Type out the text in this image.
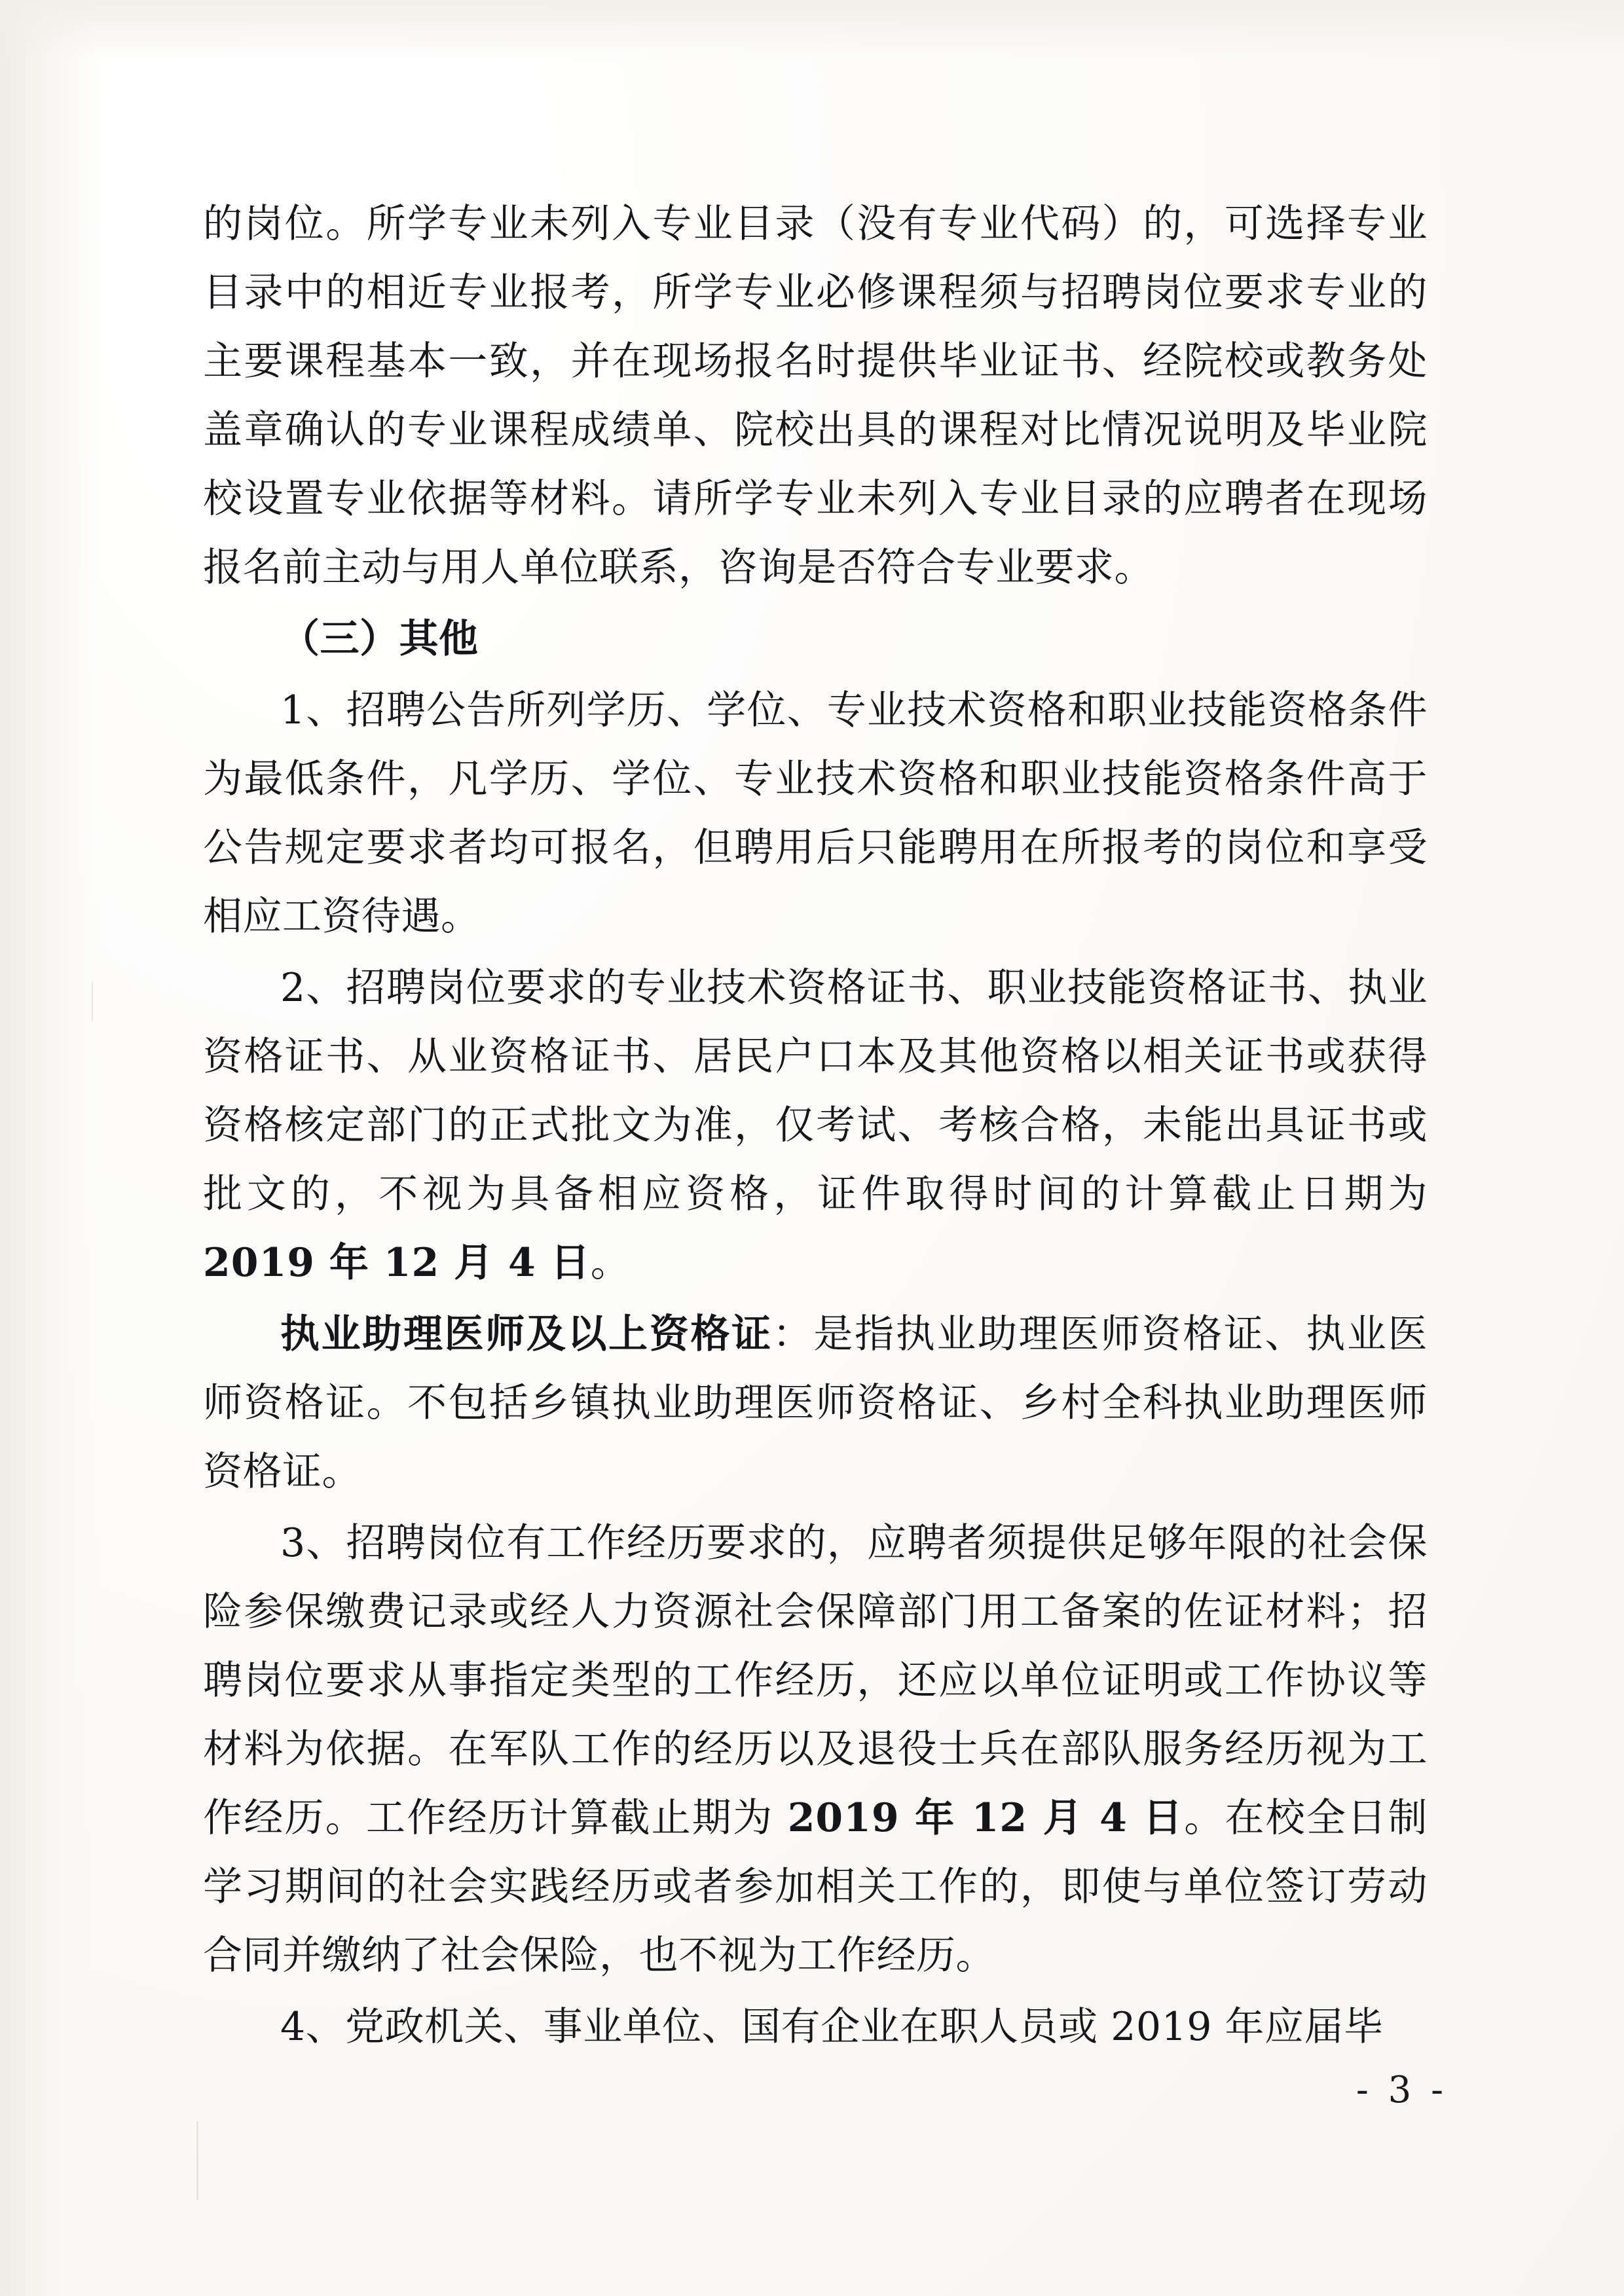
的岗位。所学专业未列入专业目录（没有专业代码）的，可选择专业目录中的相近专业报考，所学专业必修课程须与招聘岗位要求专业的主要课程基本一致，并在现场报名时提供毕业证书、经院校或教务处盖章确认的专业课程成绩单、院校出具的课程对比情况说明及毕业院校设置专业依据等材料。请所学专业未列入专业目录的应聘者在现场报名前主动与用人单位联系，咨询是否符合专业要求。

（三）其他

1、招聘公告所列学历、学位、专业技术资格和职业技能资格条件为最低条件，凡学历、学位、专业技术资格和职业技能资格条件高于公告规定要求者均可报名，但聘用后只能聘用在所报考的岗位和享受相应工资待遇。

2、招聘岗位要求的专业技术资格证书、职业技能资格证书、执业资格证书、从业资格证书、居民户口本及其他资格以相关证书或获得资格核定部门的正式批文为准，仅考试、考核合格，未能出具证书或批文的，不视为具备相应资格，证件取得时间的计算截止日期为 2019 年 12 月 4 日。

执业助理医师及以上资格证：是指执业助理医师资格证、执业医师资格证。不包括乡镇执业助理医师资格证、乡村全科执业助理医师资格证。

3、招聘岗位有工作经历要求的，应聘者须提供足够年限的社会保险参保缴费记录或经人力资源社会保障部门用工备案的佐证材料；招聘岗位要求从事指定类型的工作经历，还应以单位证明或工作协议等材料为依据。在军队工作的经历以及退役士兵在部队服务经历视为工作经历。工作经历计算截止期为 2019 年 12 月 4 日。在校全日制学习期间的社会实践经历或者参加相关工作的，即使与单位签订劳动合同并缴纳了社会保险，也不视为工作经历。

4、党政机关、事业单位、国有企业在职人员或 2019 年应届毕

- 3 -
